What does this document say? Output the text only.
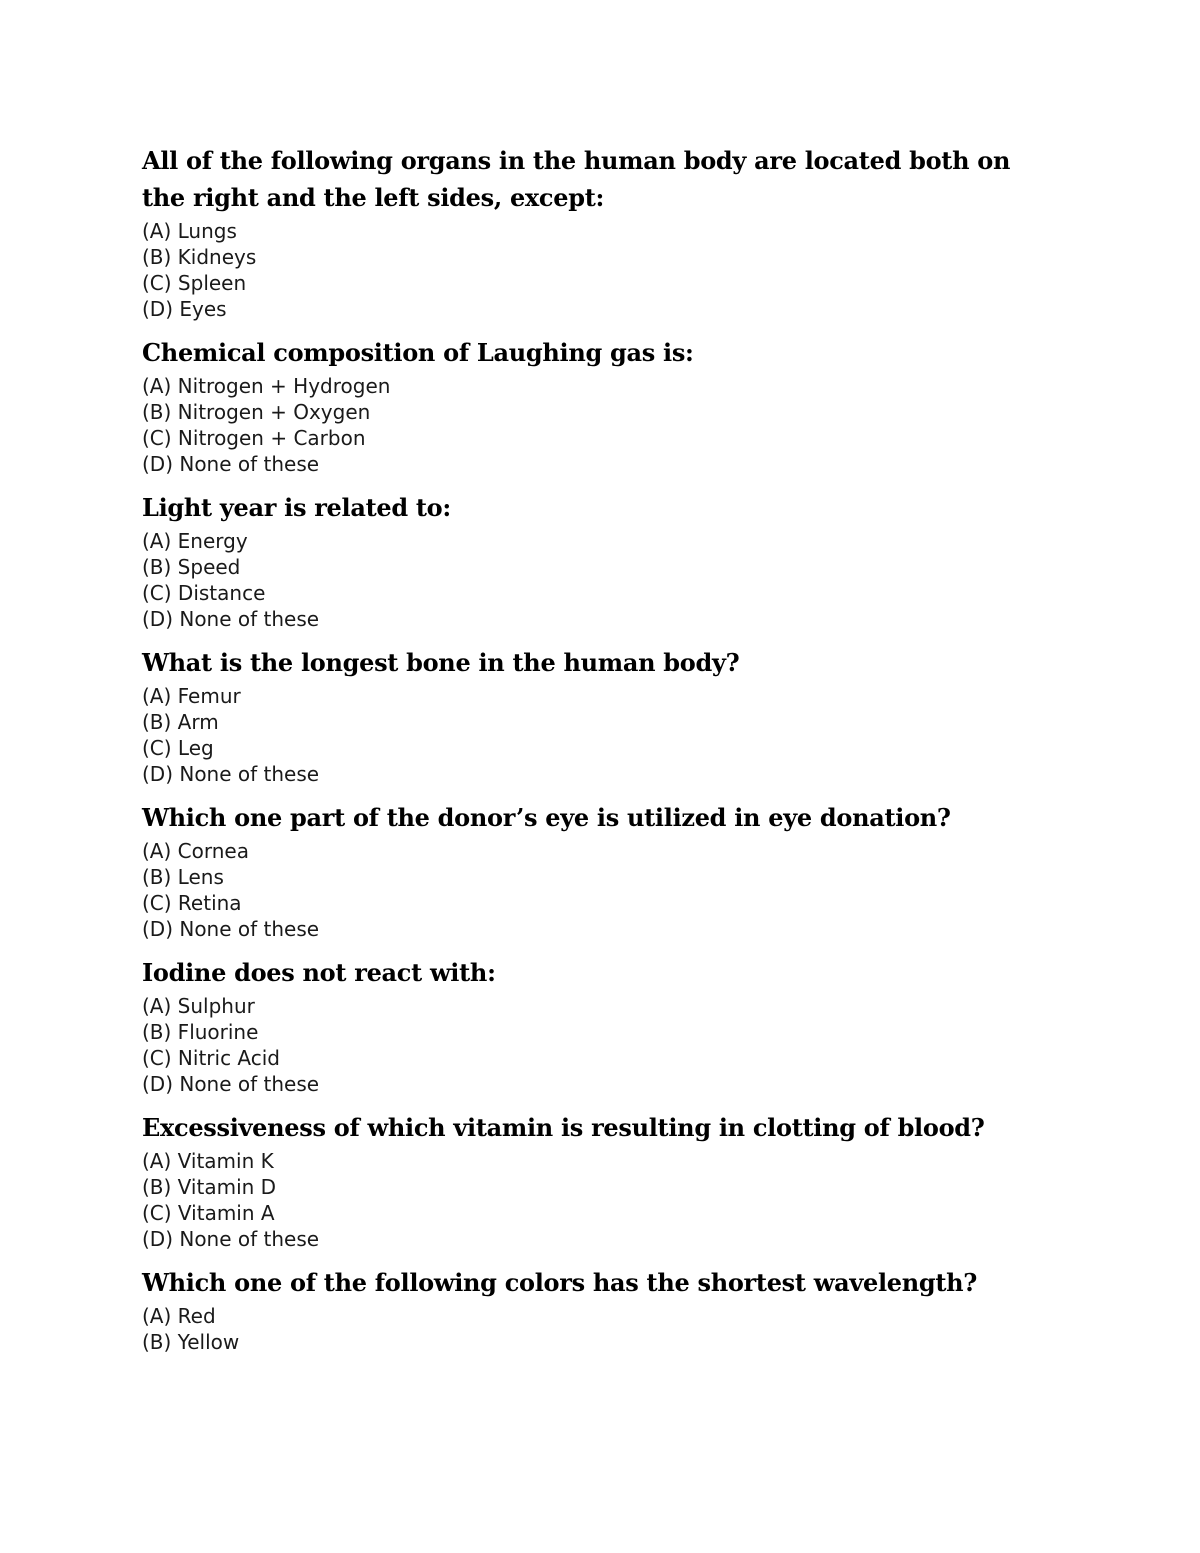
All of the following organs in the human body are located both on the right and the left sides, except:
(A) Lungs
(B) Kidneys
(C) Spleen
(D) Eyes
Chemical composition of Laughing gas is:
(A) Nitrogen + Hydrogen
(B) Nitrogen + Oxygen
(C) Nitrogen + Carbon
(D) None of these
Light year is related to:
(A) Energy
(B) Speed
(C) Distance
(D) None of these
What is the longest bone in the human body?
(A) Femur
(B) Arm
(C) Leg
(D) None of these
Which one part of the donor’s eye is utilized in eye donation?
(A) Cornea
(B) Lens
(C) Retina
(D) None of these
Iodine does not react with:
(A) Sulphur
(B) Fluorine
(C) Nitric Acid
(D) None of these
Excessiveness of which vitamin is resulting in clotting of blood?
(A) Vitamin K
(B) Vitamin D
(C) Vitamin A
(D) None of these
Which one of the following colors has the shortest wavelength?
(A) Red
(B) Yellow
